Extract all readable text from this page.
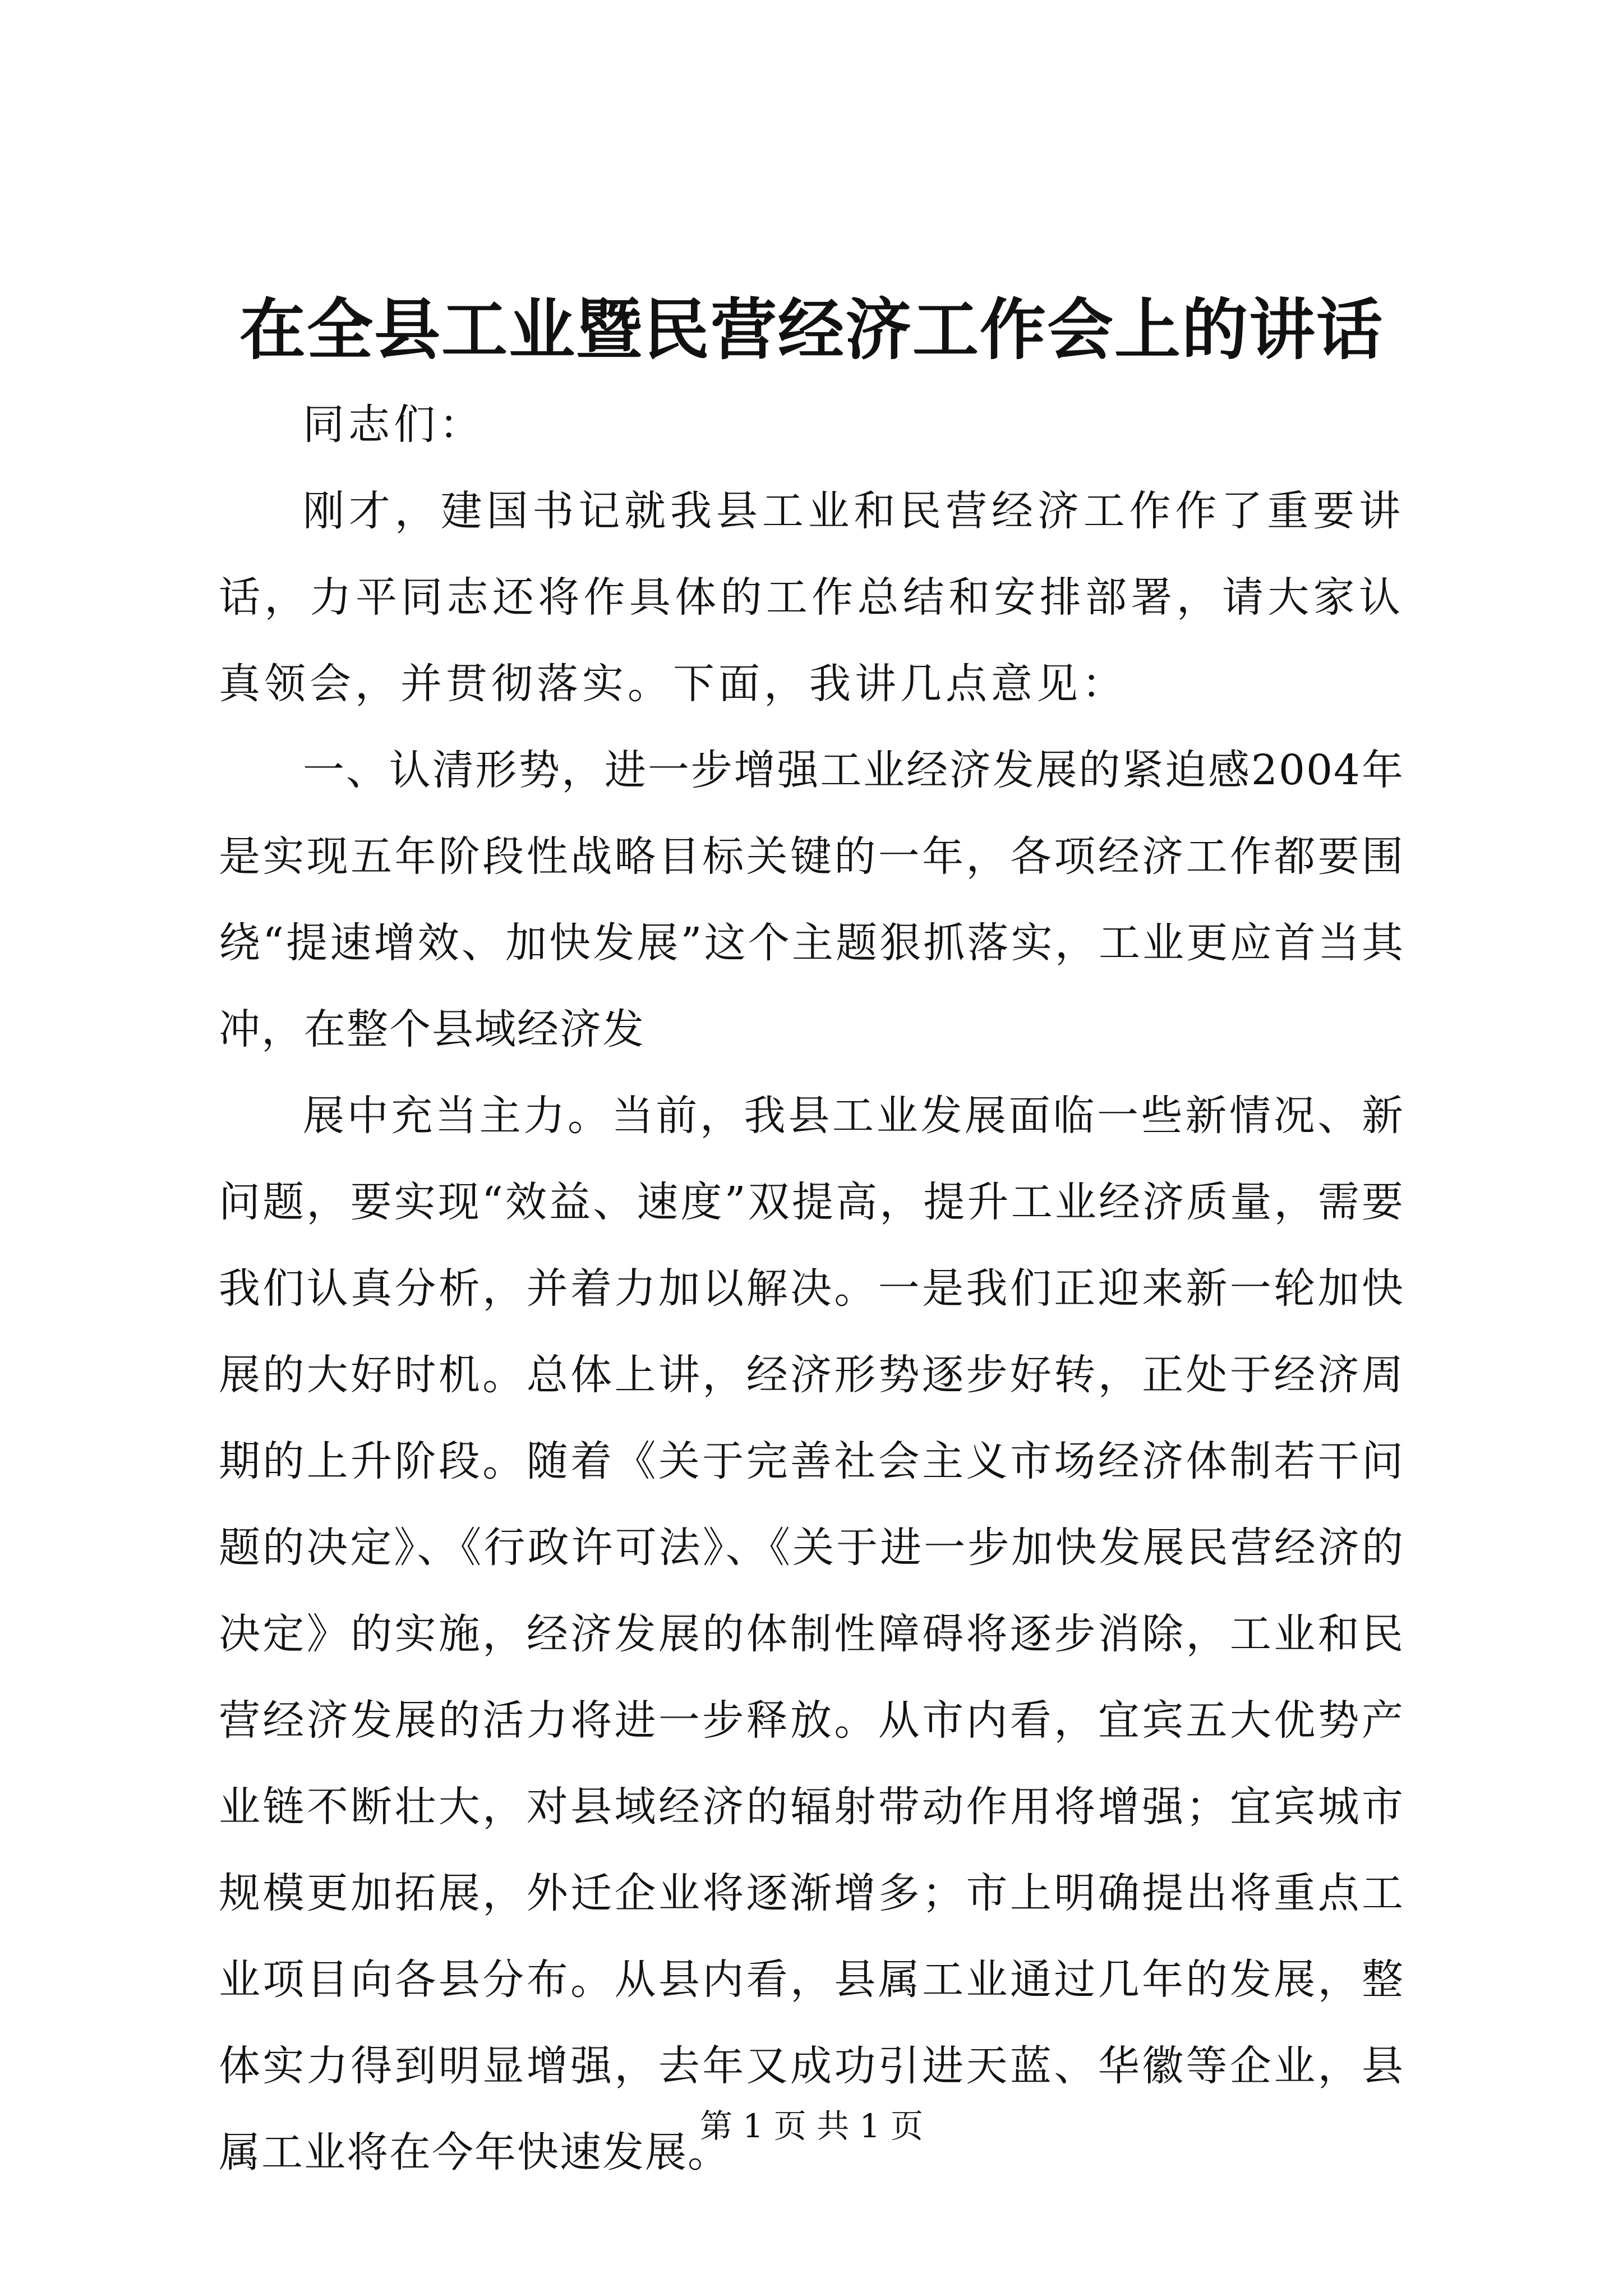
在全县工业暨民营经济工作会上的讲话

同志们：

刚才，建国书记就我县工业和民营经济工作作了重要讲话，力平同志还将作具体的工作总结和安排部署，请大家认真领会，并贯彻落实。下面，我讲几点意见：

一、认清形势，进一步增强工业经济发展的紧迫感2004年是实现五年阶段性战略目标关键的一年，各项经济工作都要围绕“提速增效、加快发展”这个主题狠抓落实，工业更应首当其冲，在整个县域经济发

展中充当主力。当前，我县工业发展面临一些新情况、新问题，要实现“效益、速度”双提高，提升工业经济质量，需要我们认真分析，并着力加以解决。一是我们正迎来新一轮加快展的大好时机。总体上讲，经济形势逐步好转，正处于经济周期的上升阶段。随着《关于完善社会主义市场经济体制若干问题的决定》、《行政许可法》、《关于进一步加快发展民营经济的决定》的实施，经济发展的体制性障碍将逐步消除，工业和民营经济发展的活力将进一步释放。从市内看，宜宾五大优势产业链不断壮大，对县域经济的辐射带动作用将增强；宜宾城市规模更加拓展，外迁企业将逐渐增多；市上明确提出将重点工业项目向各县分布。从县内看，县属工业通过几年的发展，整体实力得到明显增强，去年又成功引进天蓝、华徽等企业，县属工业将在今年快速发展。

第 1 页 共 1 页
